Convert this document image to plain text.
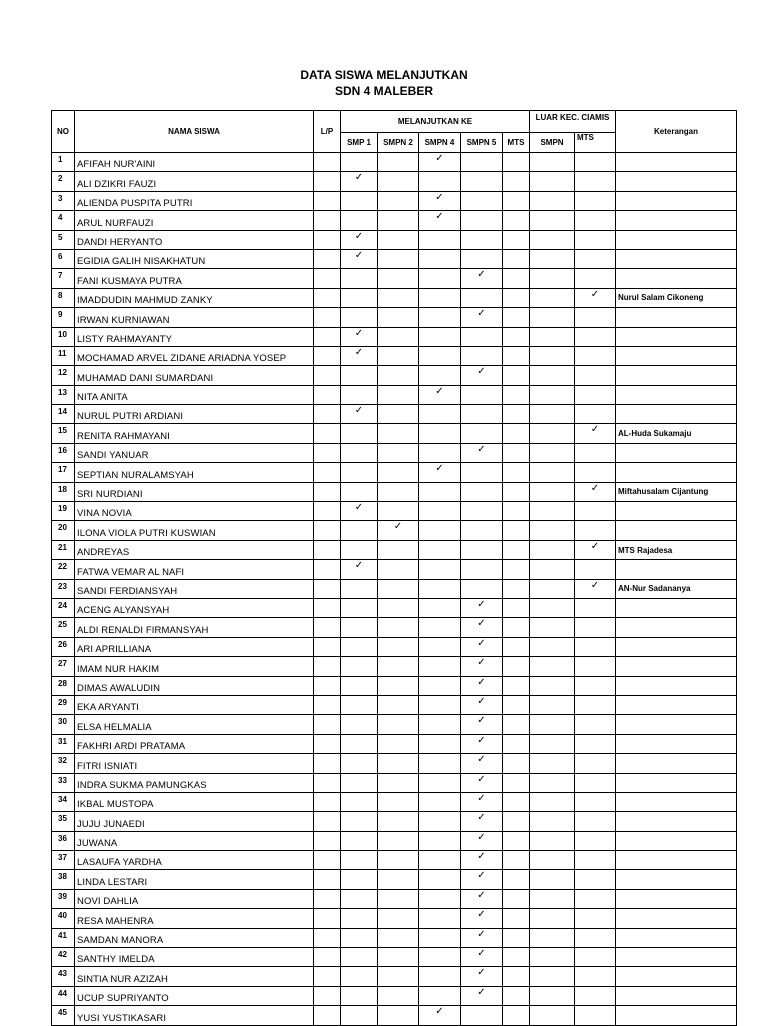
DATA SISWA MELANJUTKAN
SDN 4 MALEBER
NO	NAMA SISWA	L/P	MELANJUTKAN KE					LUAR KEC. CIAMIS		Keterangan
			SMP 1	SMPN 2	SMPN 4	SMPN 5	MTS	SMPN	MTS	
1	AFIFAH NUR'AINI				✓					
2	ALI DZIKRI FAUZI		✓							
3	ALIENDA PUSPITA PUTRI				✓					
4	ARUL NURFAUZI				✓					
5	DANDI HERYANTO		✓							
6	EGIDIA GALIH NISAKHATUN		✓							
7	FANI KUSMAYA PUTRA					✓				
8	IMADDUDIN MAHMUD ZANKY								✓	Nurul Salam Cikoneng
9	IRWAN KURNIAWAN					✓				
10	LISTY RAHMAYANTY		✓							
11	MOCHAMAD ARVEL ZIDANE ARIADNA YOSEP		✓							
12	MUHAMAD DANI SUMARDANI					✓				
13	NITA ANITA				✓					
14	NURUL PUTRI ARDIANI		✓							
15	RENITA RAHMAYANI								✓	AL-Huda Sukamaju
16	SANDI YANUAR					✓				
17	SEPTIAN NURALAMSYAH				✓					
18	SRI NURDIANI								✓	Miftahusalam Cijantung
19	VINA NOVIA		✓							
20	ILONA VIOLA PUTRI KUSWIAN			✓						
21	ANDREYAS								✓	MTS Rajadesa
22	FATWA VEMAR AL NAFI		✓							
23	SANDI FERDIANSYAH								✓	AN-Nur Sadananya
24	ACENG ALYANSYAH					✓				
25	ALDI RENALDI FIRMANSYAH					✓				
26	ARI APRILLIANA					✓				
27	IMAM NUR HAKIM					✓				
28	DIMAS AWALUDIN					✓				
29	EKA ARYANTI					✓				
30	ELSA HELMALIA					✓				
31	FAKHRI ARDI PRATAMA					✓				
32	FITRI ISNIATI					✓				
33	INDRA SUKMA PAMUNGKAS					✓				
34	IKBAL MUSTOPA					✓				
35	JUJU JUNAEDI					✓				
36	JUWANA					✓				
37	LASAUFA YARDHA					✓				
38	LINDA LESTARI					✓				
39	NOVI DAHLIA					✓				
40	RESA MAHENRA					✓				
41	SAMDAN MANORA					✓				
42	SANTHY IMELDA					✓				
43	SINTIA NUR AZIZAH					✓				
44	UCUP SUPRIYANTO					✓				
45	YUSI YUSTIKASARI				✓					
